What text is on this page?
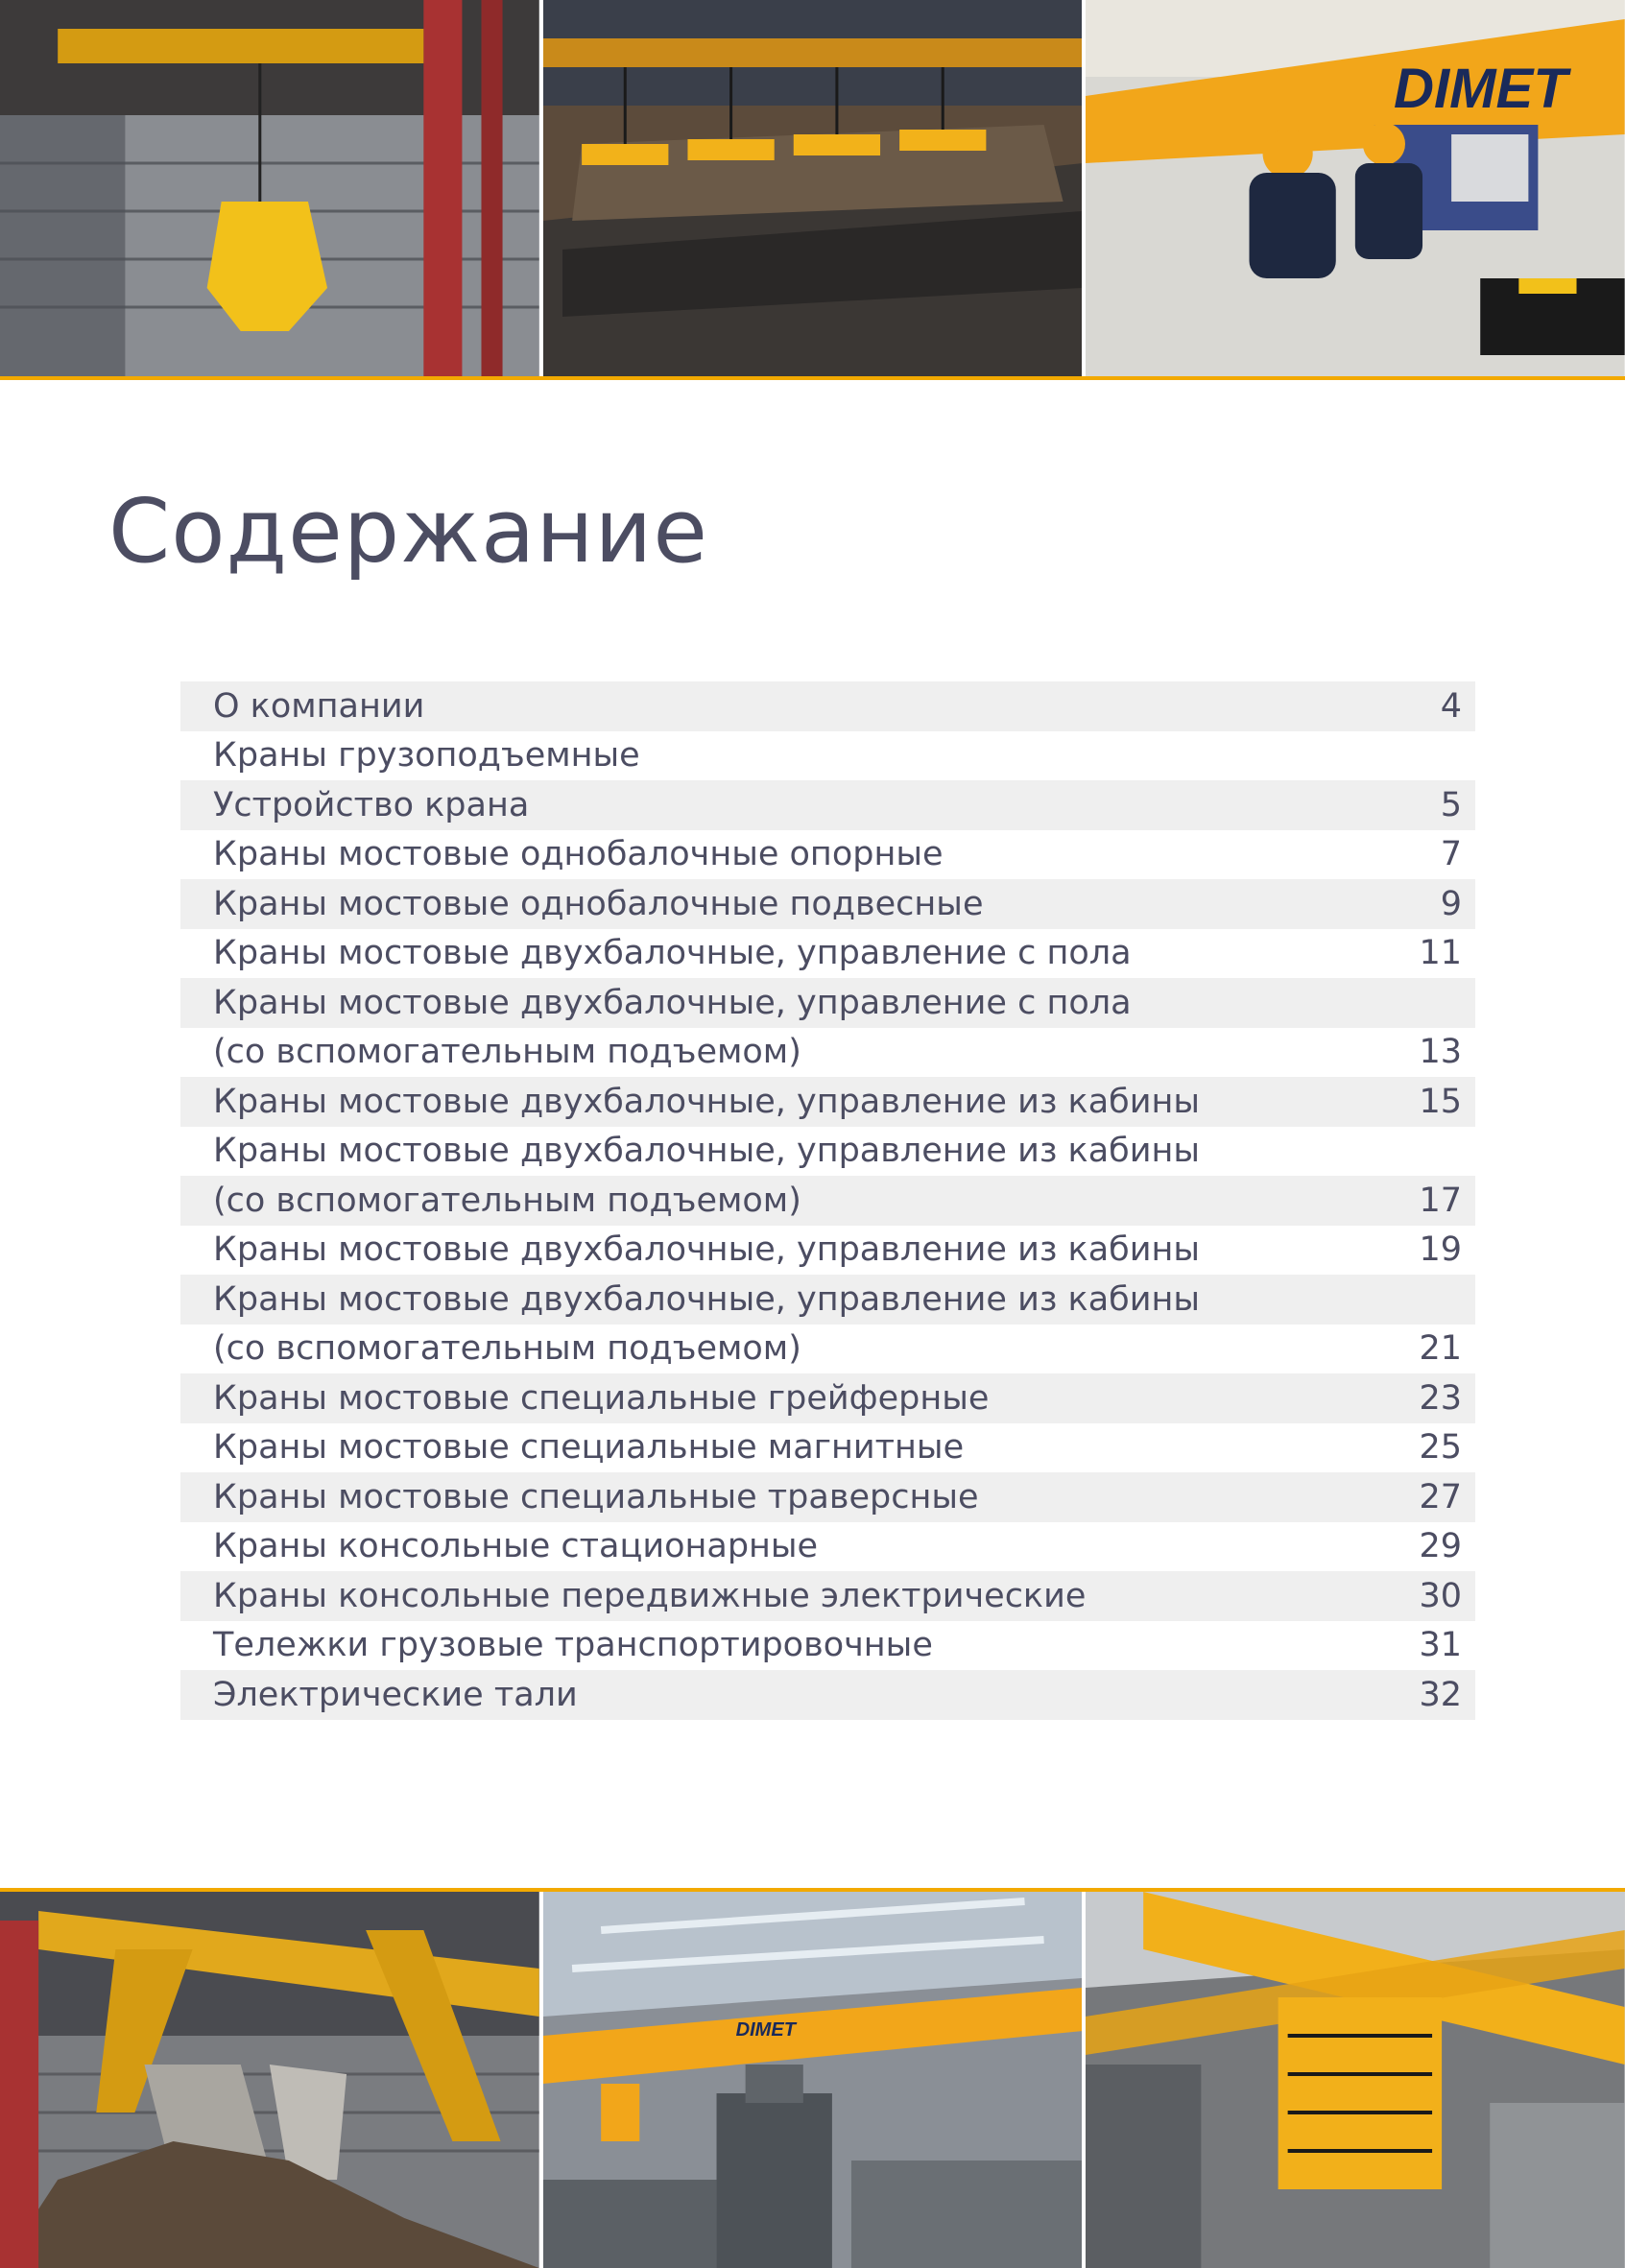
DIMET
Содержание
О компании	4
Краны грузоподъемные
Устройство крана	5
Краны мостовые однобалочные опорные	7
Краны мостовые однобалочные подвесные	9
Краны мостовые двухбалочные, управление с пола	11
Краны мостовые двухбалочные, управление с пола
(со вспомогательным подъемом)	13
Краны мостовые двухбалочные, управление из кабины	15
Краны мостовые двухбалочные, управление из кабины
(со вспомогательным подъемом)	17
Краны мостовые двухбалочные, управление из кабины	19
Краны мостовые двухбалочные, управление из кабины
(со вспомогательным подъемом)	21
Краны мостовые специальные грейферные	23
Краны мостовые специальные магнитные	25
Краны мостовые специальные траверсные	27
Краны консольные стационарные	29
Краны консольные передвижные электрические	30
Тележки грузовые транспортировочные	31
Электрические тали	32
DIMET
